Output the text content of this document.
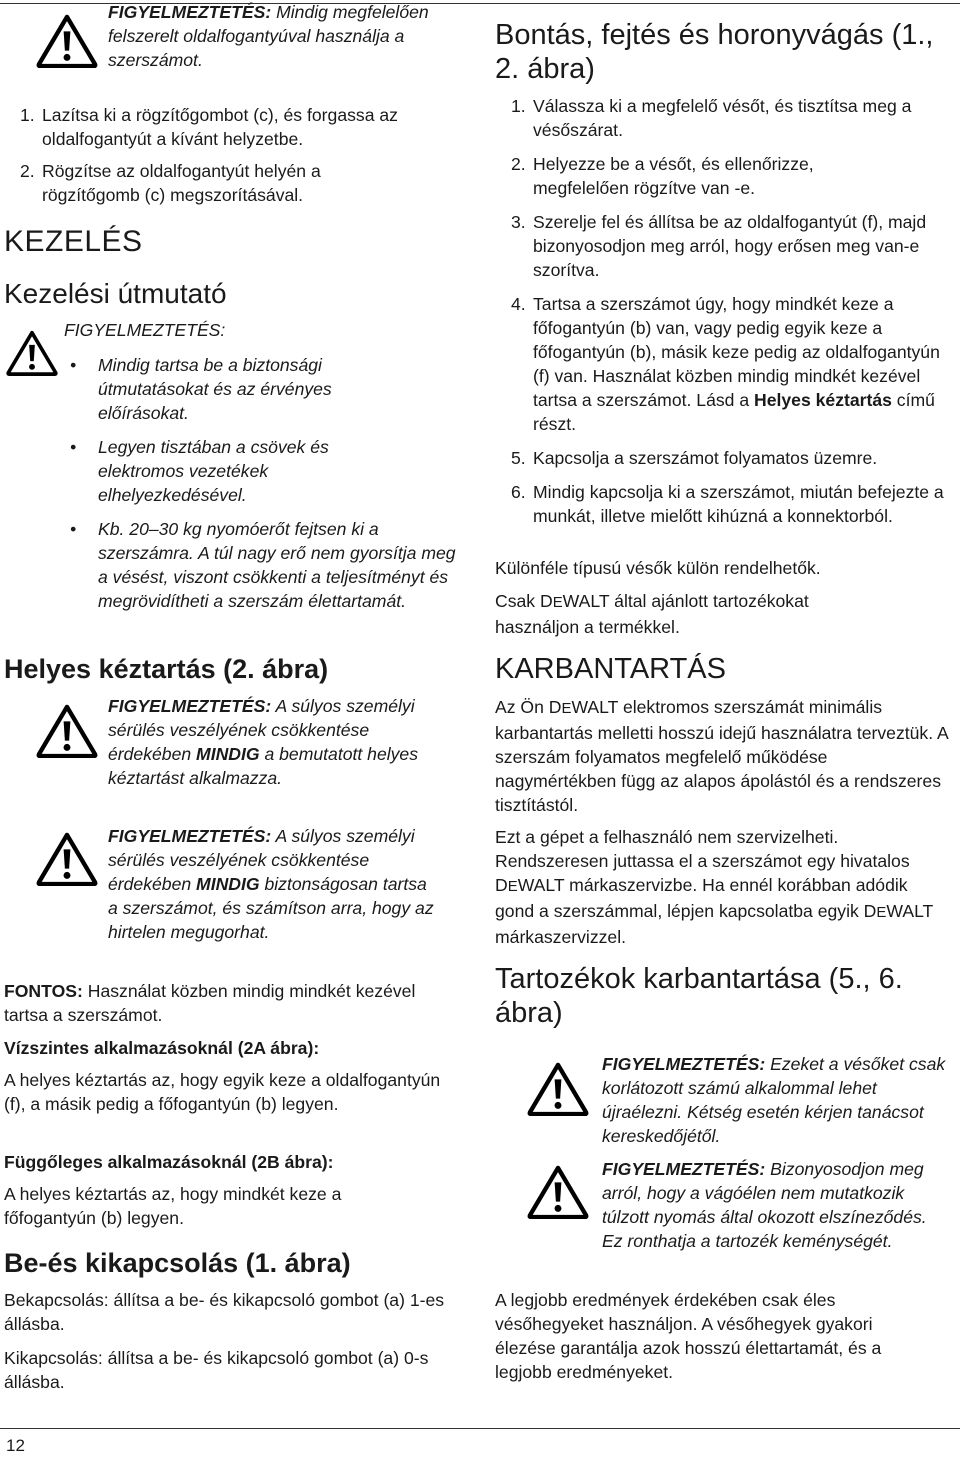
FIGYELMEZTETÉS: Mindig megfelelően felszerelt oldalfogantyúval használja a szerszámot.
1. Lazítsa ki a rögzítőgombot (c), és forgassa az oldalfogantyút a kívánt helyzetbe.
2. Rögzítse az oldalfogantyút helyén a rögzítőgomb (c) megszorításával.
KEZELÉS
Kezelési útmutató
FIGYELMEZTETÉS:
• Mindig tartsa be a biztonsági útmutatásokat és az érvényes előírásokat.
• Legyen tisztában a csövek és elektromos vezetékek elhelyezkedésével.
• Kb. 20–30 kg nyomóerőt fejtsen ki a szerszámra. A túl nagy erő nem gyorsítja meg a vésést, viszont csökkenti a teljesítményt és megrövidítheti a szerszám élettartamát.
Helyes kéztartás (2. ábra)
FIGYELMEZTETÉS: A súlyos személyi sérülés veszélyének csökkentése érdekében MINDIG a bemutatott helyes kéztartást alkalmazza.
FIGYELMEZTETÉS: A súlyos személyi sérülés veszélyének csökkentése érdekében MINDIG biztonságosan tartsa a szerszámot, és számítson arra, hogy az hirtelen megugorhat.

FONTOS: Használat közben mindig mindkét kezével tartsa a szerszámot.

Vízszintes alkalmazásoknál (2A ábra):

A helyes kéztartás az, hogy egyik keze a oldalfogantyún (f), a másik pedig a főfogantyún (b) legyen.

Függőleges alkalmazásoknál (2B ábra):

A helyes kéztartás az, hogy mindkét keze a főfogantyún (b) legyen.

Be-és kikapcsolás (1. ábra)

Bekapcsolás: állítsa a be- és kikapcsoló gombot (a) 1-es állásba.

Kikapcsolás: állítsa a be- és kikapcsoló gombot (a) 0-s állásba.

Bontás, fejtés és horonyvágás (1., 2. ábra)
1. Válassza ki a megfelelő vésőt, és tisztítsa meg a vésőszárat.
2. Helyezze be a vésőt, és ellenőrizze, megfelelően rögzítve van -e.
3. Szerelje fel és állítsa be az oldalfogantyút (f), majd bizonyosodjon meg arról, hogy erősen meg van-e szorítva.
4. Tartsa a szerszámot úgy, hogy mindkét keze a főfogantyún (b) van, vagy pedig egyik keze a főfogantyún (b), másik keze pedig az oldalfogantyún (f) van. Használat közben mindig mindkét kezével tartsa a szerszámot. Lásd a Helyes kéztartás című részt.
5. Kapcsolja a szerszámot folyamatos üzemre.
6. Mindig kapcsolja ki a szerszámot, miután befejezte a munkát, illetve mielőtt kihúzná a konnektorból.

Különféle típusú vésők külön rendelhetők.

Csak DEWALT által ajánlott tartozékokat használjon a termékkel.

KARBANTARTÁS

Az Ön DEWALT elektromos szerszámát minimális karbantartás melletti hosszú idejű használatra terveztük. A szerszám folyamatos megfelelő működése nagymértékben függ az alapos ápolástól és a rendszeres tisztítástól.

Ezt a gépet a felhasználó nem szervizelheti. Rendszeresen juttassa el a szerszámot egy hivatalos DEWALT márkaszervizbe. Ha ennél korábban adódik gond a szerszámmal, lépjen kapcsolatba egyik DEWALT márkaszervizzel.

Tartozékok karbantartása (5., 6. ábra)
FIGYELMEZTETÉS: Ezeket a vésőket csak korlátozott számú alkalommal lehet újraélezni. Kétség esetén kérjen tanácsot kereskedőjétől.
FIGYELMEZTETÉS: Bizonyosodjon meg arról, hogy a vágóélen nem mutatkozik túlzott nyomás által okozott elszíneződés. Ez ronthatja a tartozék keménységét.

A legjobb eredmények érdekében csak éles vésőhegyeket használjon. A vésőhegyek gyakori élezése garantálja azok hosszú élettartamát, és a legjobb eredményeket.

12
